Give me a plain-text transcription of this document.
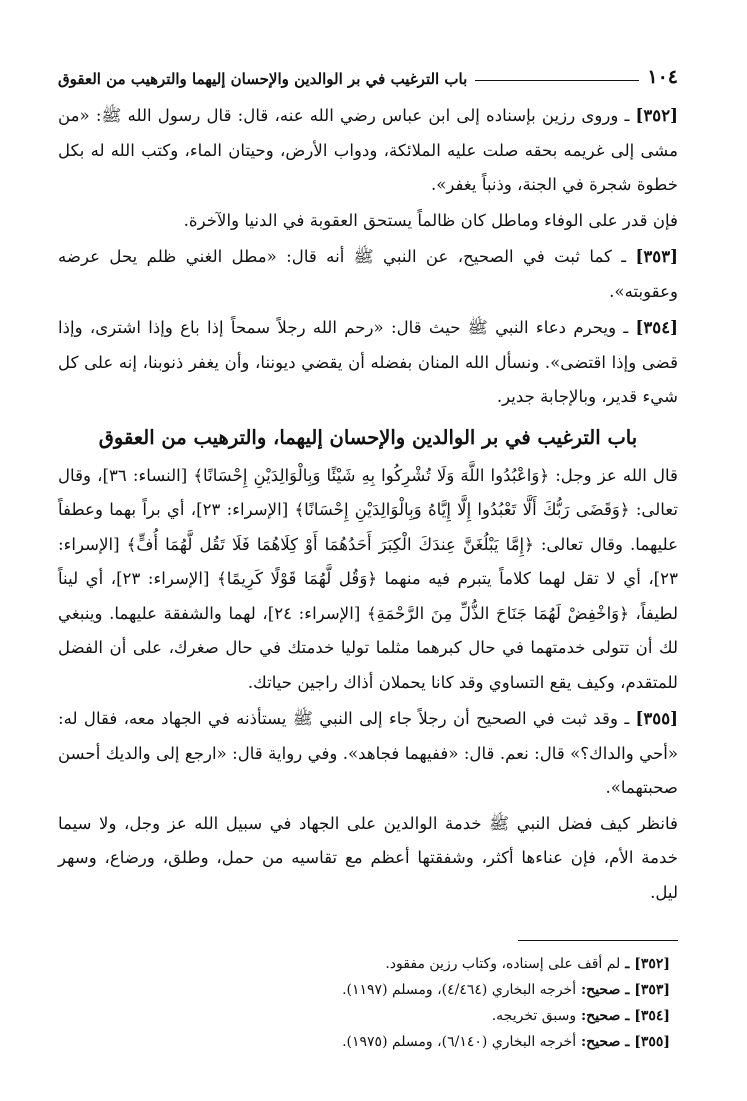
١٠٤
باب الترغيب في بر الوالدين والإحسان إليهما والترهيب من العقوق

[٣٥٢] ـ وروى رزين بإسناده إلى ابن عباس رضي الله عنه، قال: قال رسول الله ﷺ: «من مشى إلى غريمه بحقه صلت عليه الملائكة، ودواب الأرض، وحيتان الماء، وكتب الله له بكل خطوة شجرة في الجنة، وذنباً يغفر».

فإن قدر على الوفاء وماطل كان ظالماً يستحق العقوبة في الدنيا والآخرة.

[٣٥٣] ـ كما ثبت في الصحيح، عن النبي ﷺ أنه قال: «مطل الغني ظلم يحل عرضه وعقوبته».

[٣٥٤] ـ ويحرم دعاء النبي ﷺ حيث قال: «رحم الله رجلاً سمحاً إذا باع وإذا اشترى، وإذا قضى وإذا اقتضى». ونسأل الله المنان بفضله أن يقضي ديوننا، وأن يغفر ذنوبنا، إنه على كل شيء قدير، وبالإجابة جدير.

باب الترغيب في بر الوالدين والإحسان إليهما، والترهيب من العقوق

قال الله عز وجل: ﴿وَاعْبُدُوا اللَّهَ وَلَا تُشْرِكُوا بِهِ شَيْئًا وَبِالْوَالِدَيْنِ إِحْسَانًا﴾ [النساء: ٣٦]، وقال تعالى: ﴿وَقَضَى رَبُّكَ أَلَّا تَعْبُدُوا إِلَّا إِيَّاهُ وَبِالْوَالِدَيْنِ إِحْسَانًا﴾ [الإسراء: ٢٣]، أي براً بهما وعطفاً عليهما. وقال تعالى: ﴿إِمَّا يَبْلُغَنَّ عِندَكَ الْكِبَرَ أَحَدُهُمَا أَوْ كِلَاهُمَا فَلَا تَقُل لَّهُمَا أُفٍّ﴾ [الإسراء: ٢٣]، أي لا تقل لهما كلاماً يتبرم فيه منهما ﴿وَقُل لَّهُمَا قَوْلًا كَرِيمًا﴾ [الإسراء: ٢٣]، أي ليناً لطيفاً، ﴿وَاخْفِضْ لَهُمَا جَنَاحَ الذُّلِّ مِنَ الرَّحْمَةِ﴾ [الإسراء: ٢٤]، لهما والشفقة عليهما. وينبغي لك أن تتولى خدمتهما في حال كبرهما مثلما توليا خدمتك في حال صغرك، على أن الفضل للمتقدم، وكيف يقع التساوي وقد كانا يحملان أذاك راجين حياتك.

[٣٥٥] ـ وقد ثبت في الصحيح أن رجلاً جاء إلى النبي ﷺ يستأذنه في الجهاد معه، فقال له: «أحي والداك؟» قال: نعم. قال: «ففيهما فجاهد». وفي رواية قال: «ارجع إلى والديك أحسن صحبتهما».

فانظر كيف فضل النبي ﷺ خدمة الوالدين على الجهاد في سبيل الله عز وجل، ولا سيما خدمة الأم، فإن عناءها أكثر، وشفقتها أعظم مع تقاسيه من حمل، وطلق، ورضاع، وسهر ليل.

[٣٥٢] ـ لم أقف على إسناده، وكتاب رزين مفقود.
[٣٥٣] ـ صحيح: أخرجه البخاري (٤/٤٦٤)، ومسلم (١١٩٧).
[٣٥٤] ـ صحيح: وسبق تخريجه.
[٣٥٥] ـ صحيح: أخرجه البخاري (٦/١٤٠)، ومسلم (١٩٧٥).
